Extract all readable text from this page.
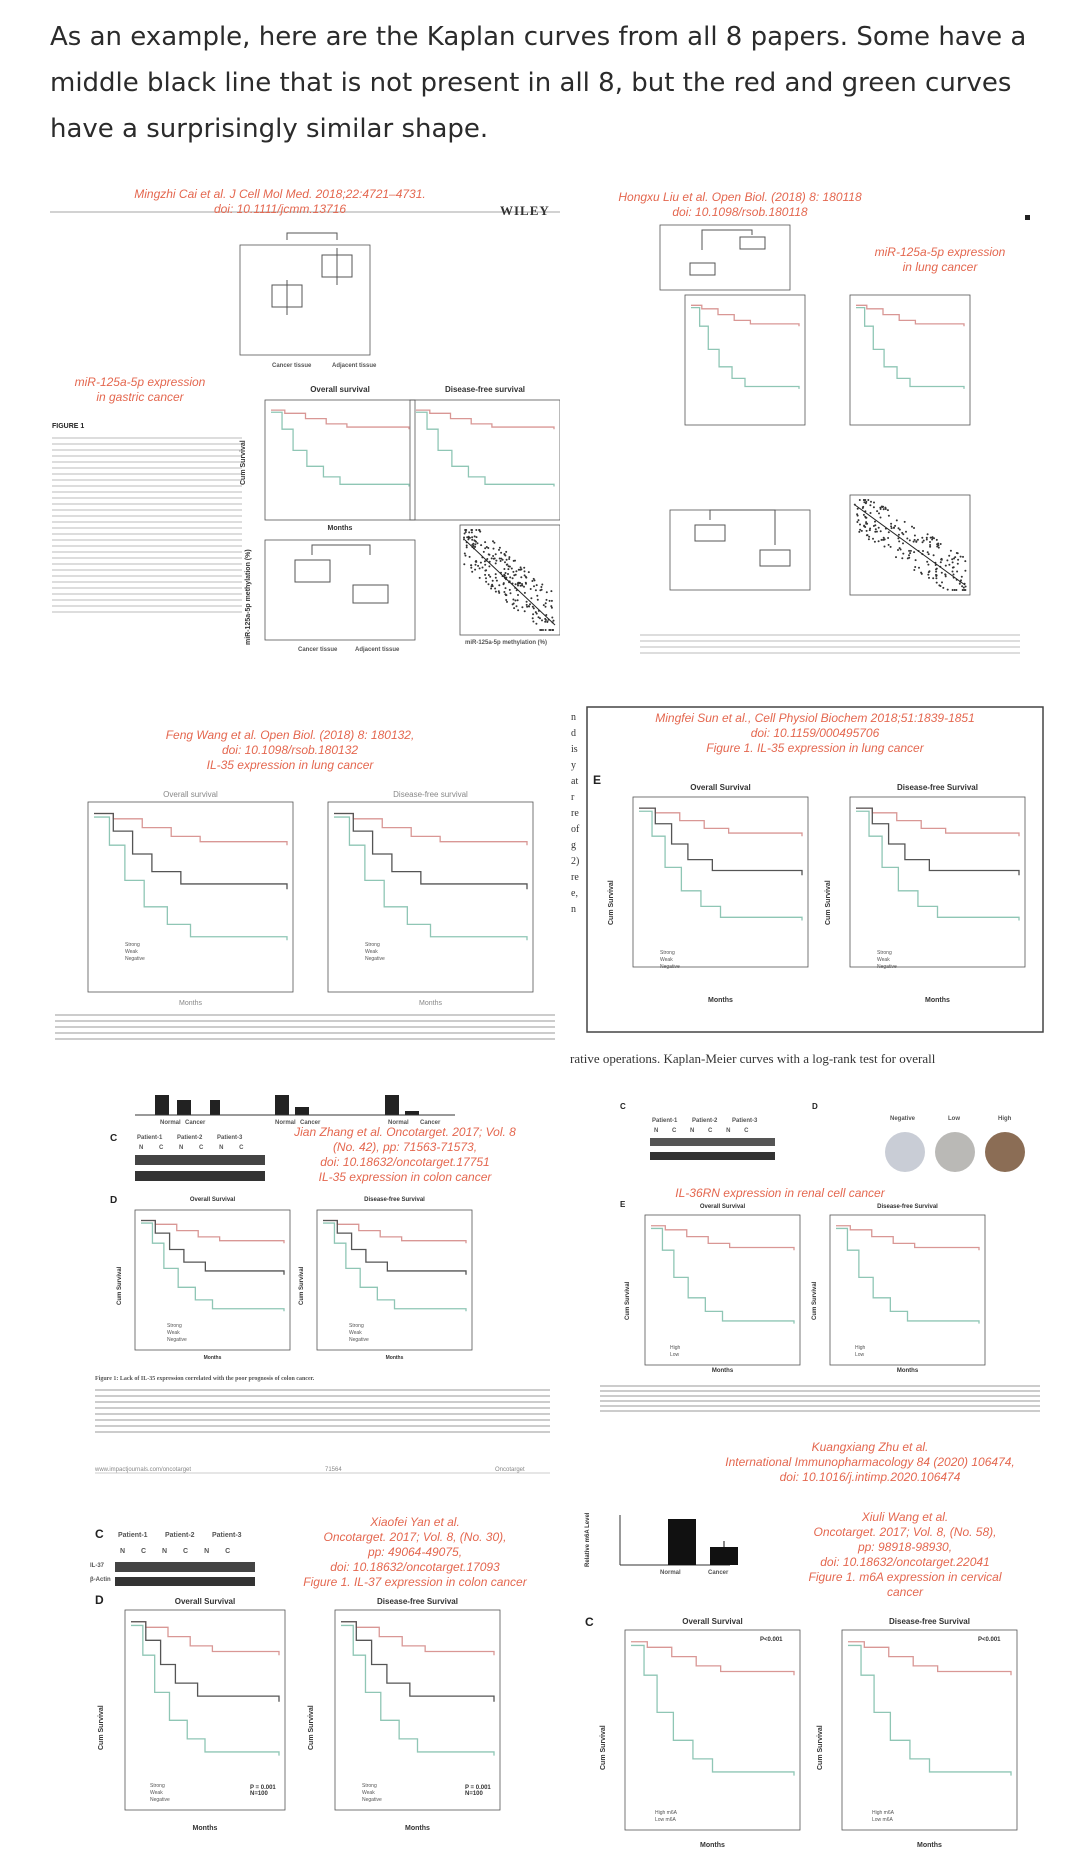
As an example, here are the Kaplan curves from all 8 papers. Some have a middle black line that is not present in all 8, but the red and green curves have a surprisingly similar shape.
Mingzhi Cai et al. J Cell Mol Med. 2018;22:4721–4731.
doi: 10.1111/jcmm.13716	WILEY
miR-125a-5p expression
in gastric cancer
FIGURE 1
Cancer tissue	Adjacent tissue
Overall survival	Disease-free survival
Months
Cum Survival
Cancer tissue	Adjacent tissue
miR-125a-5p methylation (%)	miR-125a-5p methylation (%)
Hongxu Liu et al. Open Biol. (2018) 8: 180118
doi: 10.1098/rsob.180118
miR-125a-5p expression
in lung cancer
Feng Wang et al. Open Biol. (2018) 8: 180132,
doi: 10.1098/rsob.180132
IL-35 expression in lung cancer
Overall survival	Disease-free survival
Strong
Weak
Negative
Strong
Weak
Negative
Months	Months
Mingfei Sun et al., Cell Physiol Biochem 2018;51:1839-1851
doi: 10.1159/000495706
Figure 1. IL-35 expression in lung cancer
E
Overall Survival	Disease-free Survival
Cum Survival	Cum Survival
Strong
Weak
Negative
Strong
Weak
Negative
Months	Months
rative operations. Kaplan-Meier curves with a log-rank test for overall
n
d
is
y
at
r
re
of
g
2)
re
e,
n
Normal Cancer	Normal Cancer	Normal Cancer
C	Patient-1 Patient-2 Patient-3
N	C	N	C	N	C
Jian Zhang et al. Oncotarget. 2017; Vol. 8
(No. 42), pp: 71563-71573,
doi: 10.18632/oncotarget.17751
IL-35 expression in colon cancer
D	Overall Survival	Disease-free Survival
Cum Survival	Cum Survival
Strong
Weak
Negative
Strong
Weak
Negative
Months	Months
Figure 1: Lack of IL-35 expression correlated with the poor prognosis of colon cancer.
www.impactjournals.com/oncotarget	71564	Oncotarget
C	D
Patient-1 Patient-2 Patient-3
N C N C N C
Negative	Low	High
E
IL-36RN expression in renal cell cancer
Overall Survival	Disease-free Survival
Cum Survival	Cum Survival
High
Low
High
Low
Months	Months
Kuangxiang Zhu et al.
International Immunopharmacology 84 (2020) 106474,
doi: 10.1016/j.intimp.2020.106474
C Patient-1 Patient-2 Patient-3
N C N C N C
IL-37
β-Actin
Xiaofei Yan et al.
Oncotarget. 2017; Vol. 8, (No. 30),
pp: 49064-49075,
doi: 10.18632/oncotarget.17093
Figure 1. IL-37 expression in colon cancer
D	Overall Survival	Disease-free Survival
Cum Survival	Cum Survival
Strong
Weak
Negative
Strong
Weak
Negative
P = 0.001
N=100
P = 0.001
N=100
Months	Months
Relative m6A Level
Normal	Cancer
Xiuli Wang et al.
Oncotarget. 2017; Vol. 8, (No. 58),
pp: 98918-98930,
doi: 10.18632/oncotarget.22041
Figure 1. m6A expression in cervical
cancer
C	Overall Survival	Disease-free Survival
P<0.001	P<0.001
Cum Survival	Cum Survival
High m6A
Low m6A
High m6A
Low m6A
Months	Months
